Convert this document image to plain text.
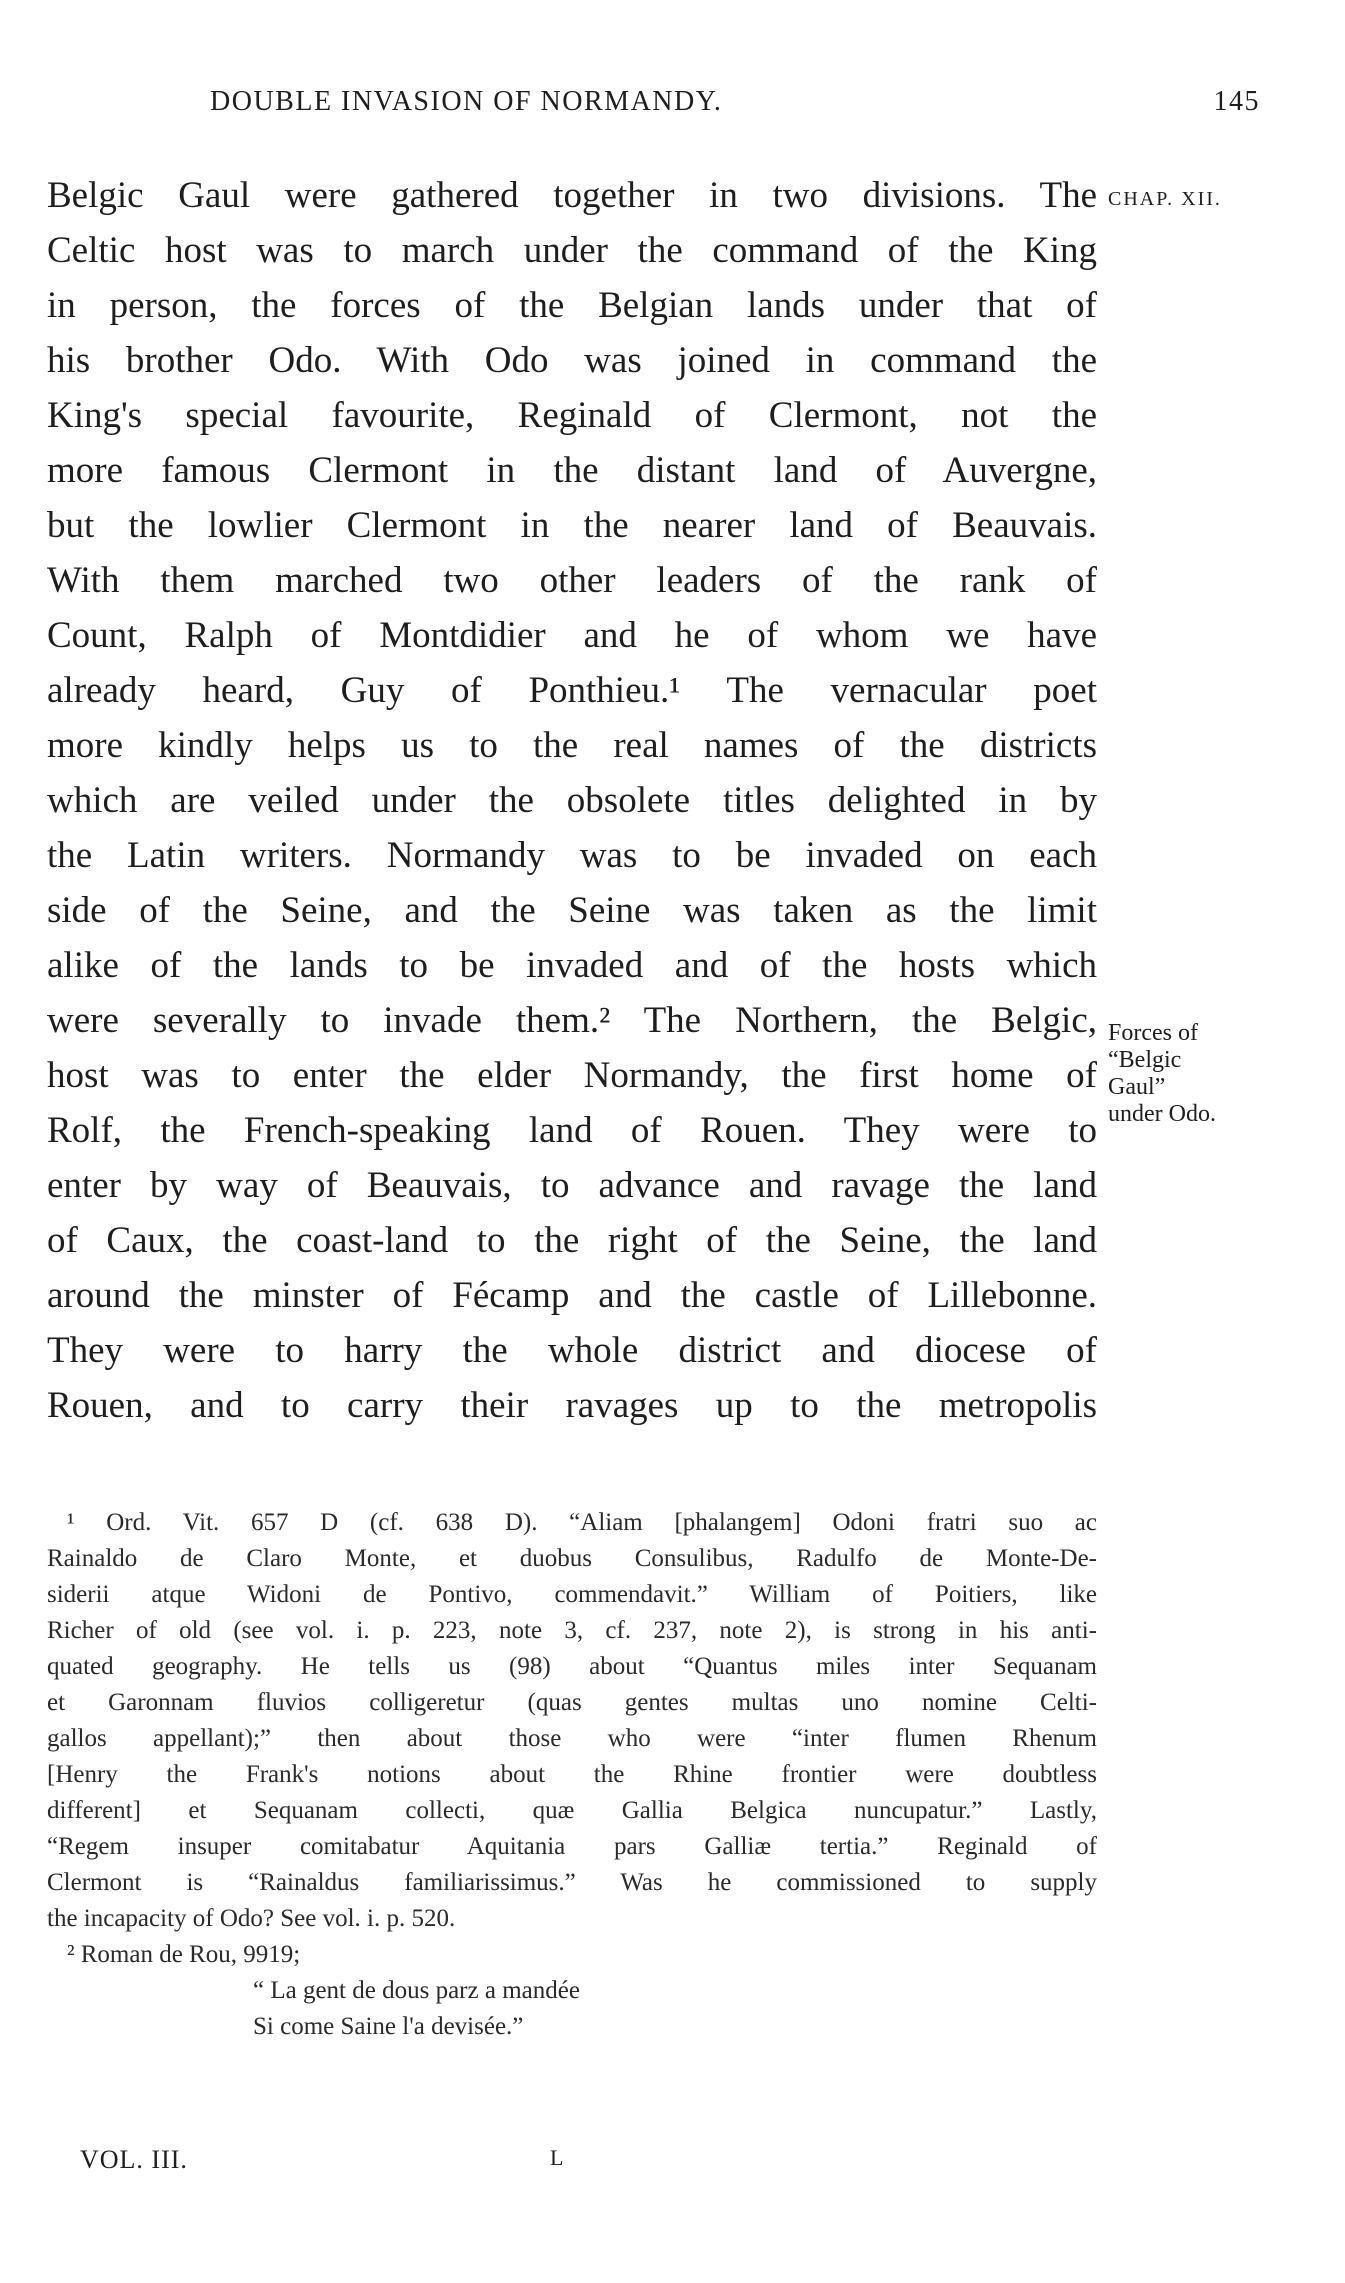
DOUBLE INVASION OF NORMANDY.	145
Belgic Gaul were gathered together in two divisions. The
Celtic host was to march under the command of the King
in person, the forces of the Belgian lands under that of
his brother Odo. With Odo was joined in command the
King's special favourite, Reginald of Clermont, not the
more famous Clermont in the distant land of Auvergne,
but the lowlier Clermont in the nearer land of Beauvais.
With them marched two other leaders of the rank of
Count, Ralph of Montdidier and he of whom we have
already heard, Guy of Ponthieu.¹ The vernacular poet
more kindly helps us to the real names of the districts
which are veiled under the obsolete titles delighted in by
the Latin writers. Normandy was to be invaded on each
side of the Seine, and the Seine was taken as the limit
alike of the lands to be invaded and of the hosts which
were severally to invade them.² The Northern, the Belgic,
host was to enter the elder Normandy, the first home of
Rolf, the French-speaking land of Rouen. They were to
enter by way of Beauvais, to advance and ravage the land
of Caux, the coast-land to the right of the Seine, the land
around the minster of Fécamp and the castle of Lillebonne.
They were to harry the whole district and diocese of
Rouen, and to carry their ravages up to the metropolis
CHAP. XII.
Forces of
“Belgic
Gaul”
under Odo.
¹ Ord. Vit. 657 D (cf. 638 D). “Aliam [phalangem] Odoni fratri suo ac
Rainaldo de Claro Monte, et duobus Consulibus, Radulfo de Monte-De-
siderii atque Widoni de Pontivo, commendavit.” William of Poitiers, like
Richer of old (see vol. i. p. 223, note 3, cf. 237, note 2), is strong in his anti-
quated geography. He tells us (98) about “Quantus miles inter Sequanam
et Garonnam fluvios colligeretur (quas gentes multas uno nomine Celti-
gallos appellant);” then about those who were “inter flumen Rhenum
[Henry the Frank's notions about the Rhine frontier were doubtless
different] et Sequanam collecti, quæ Gallia Belgica nuncupatur.” Lastly,
“Regem insuper comitabatur Aquitania pars Galliæ tertia.” Reginald of
Clermont is “Rainaldus familiarissimus.” Was he commissioned to supply
the incapacity of Odo? See vol. i. p. 520.
² Roman de Rou, 9919;
“ La gent de dous parz a mandée
Si come Saine l'a devisée.”
VOL. III.	L
